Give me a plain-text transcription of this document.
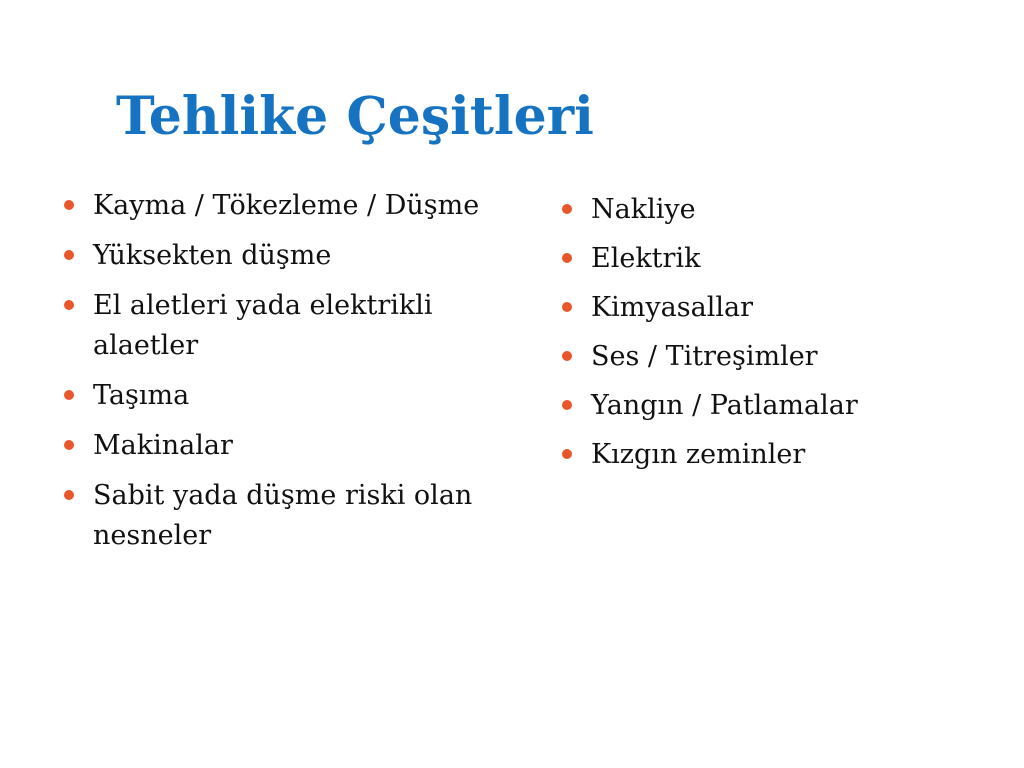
Tehlike Çeşitleri
Kayma / Tökezleme / Düşme
Yüksekten düşme
El aletleri yada elektrikli alaetler
Taşıma
Makinalar
Sabit yada düşme riski olan nesneler
Nakliye
Elektrik
Kimyasallar
Ses / Titreşimler
Yangın / Patlamalar
Kızgın zeminler
